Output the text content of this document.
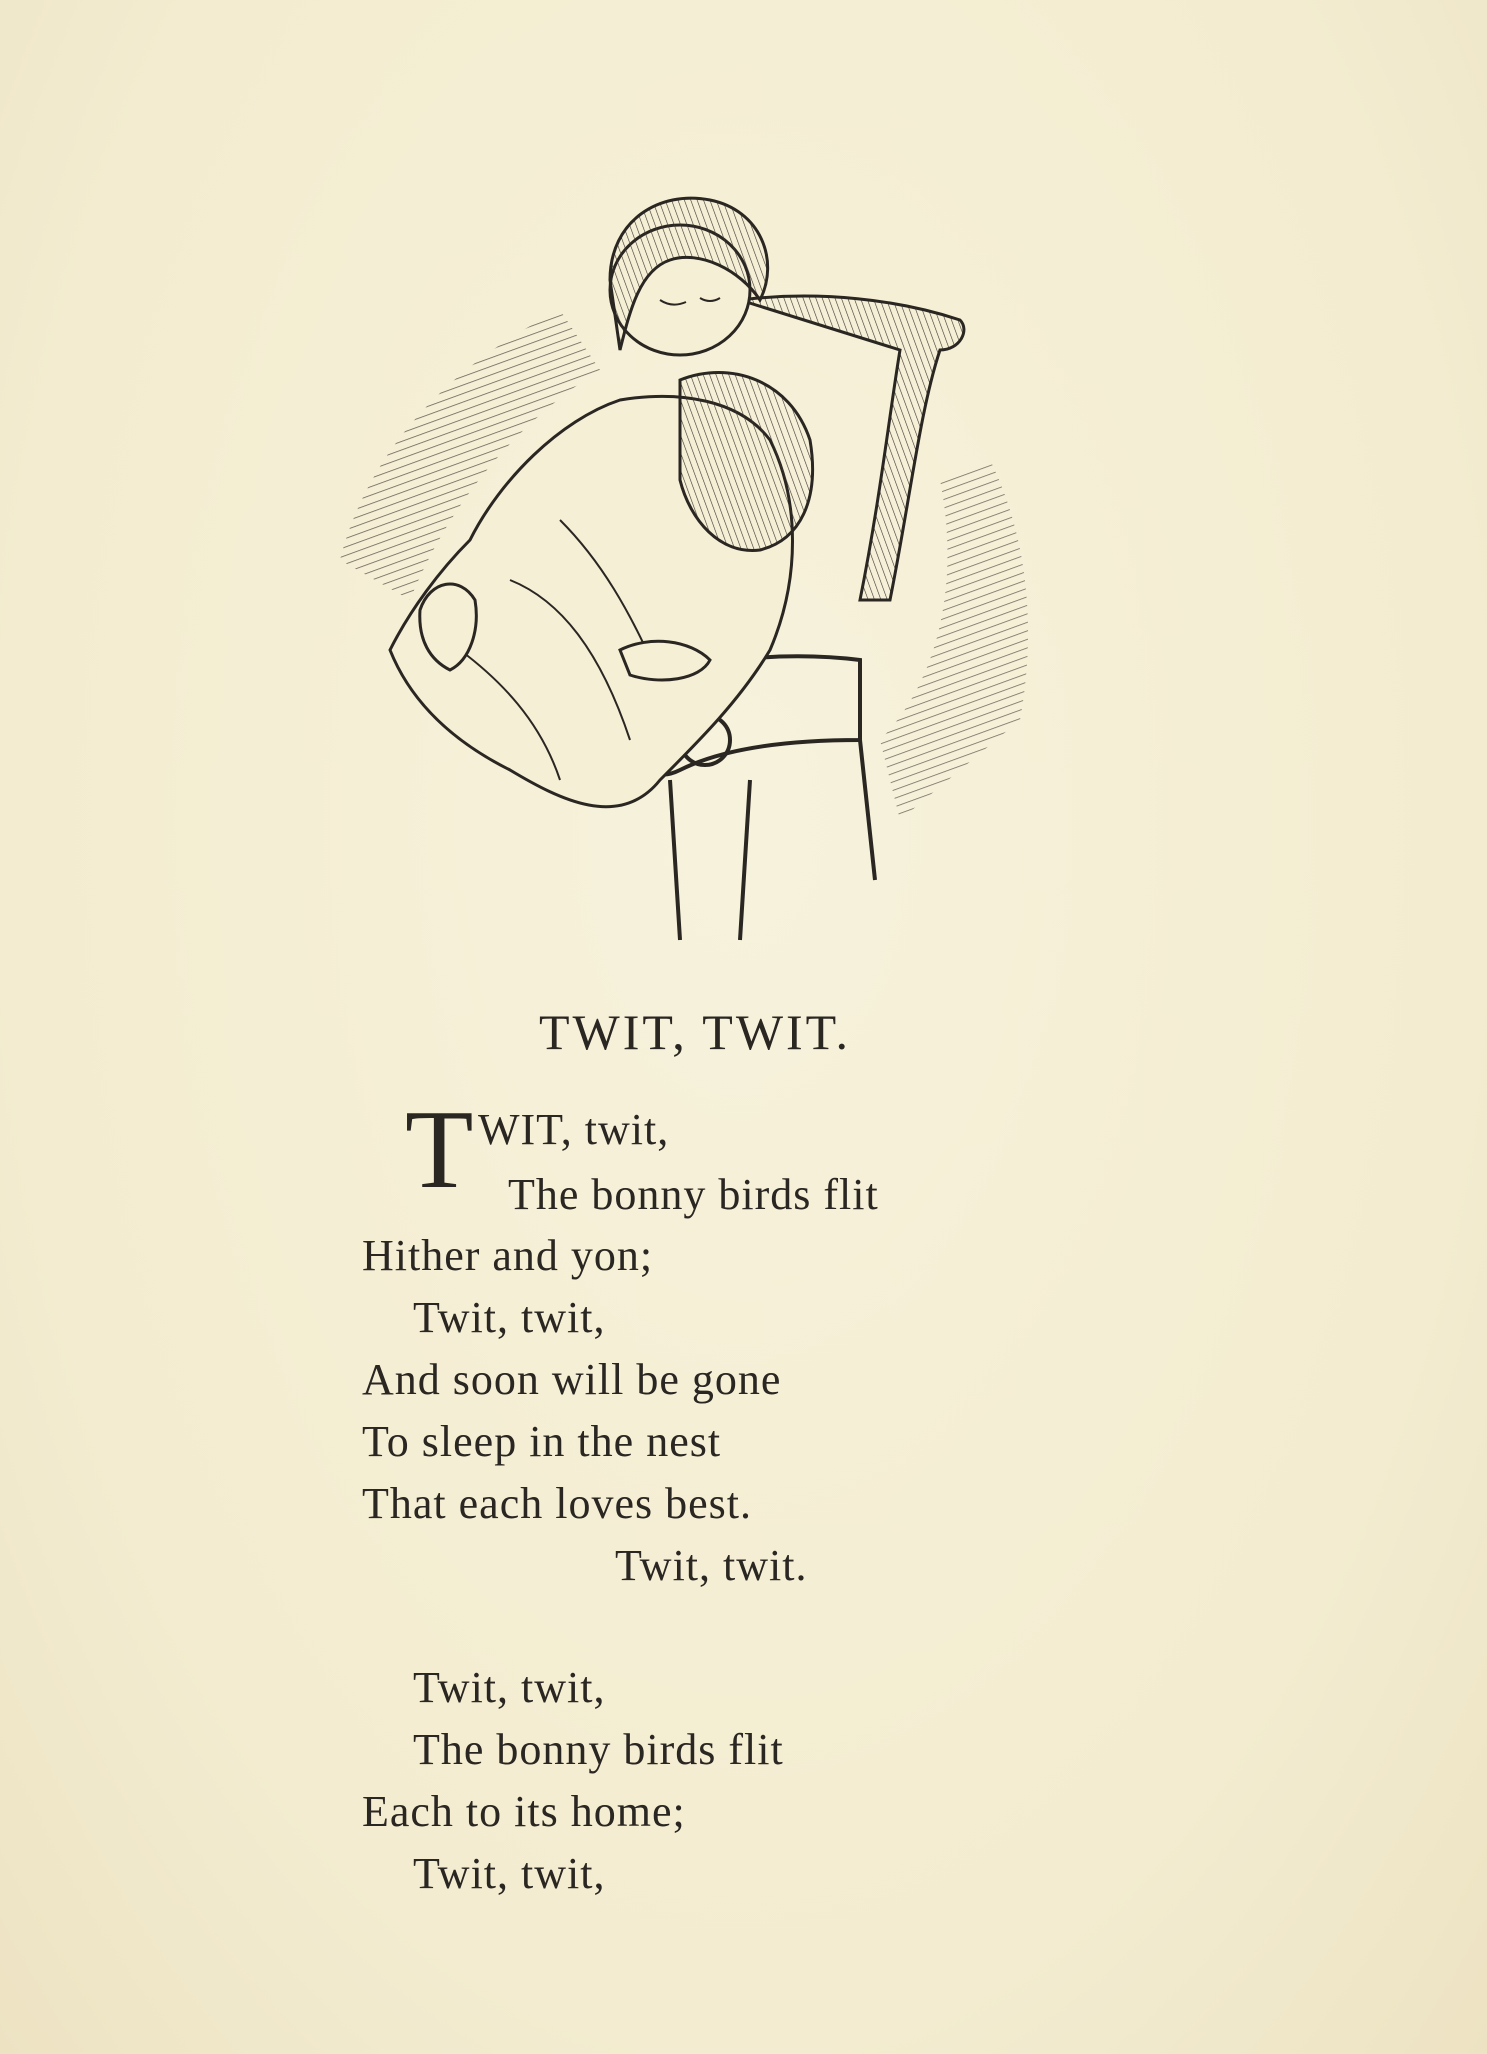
TWIT, TWIT.
T WIT, twit,
The bonny birds flit
Hither and yon;
Twit, twit,
And soon will be gone
To sleep in the nest
That each loves best.
Twit, twit.
Twit, twit,
The bonny birds flit
Each to its home;
Twit, twit,
